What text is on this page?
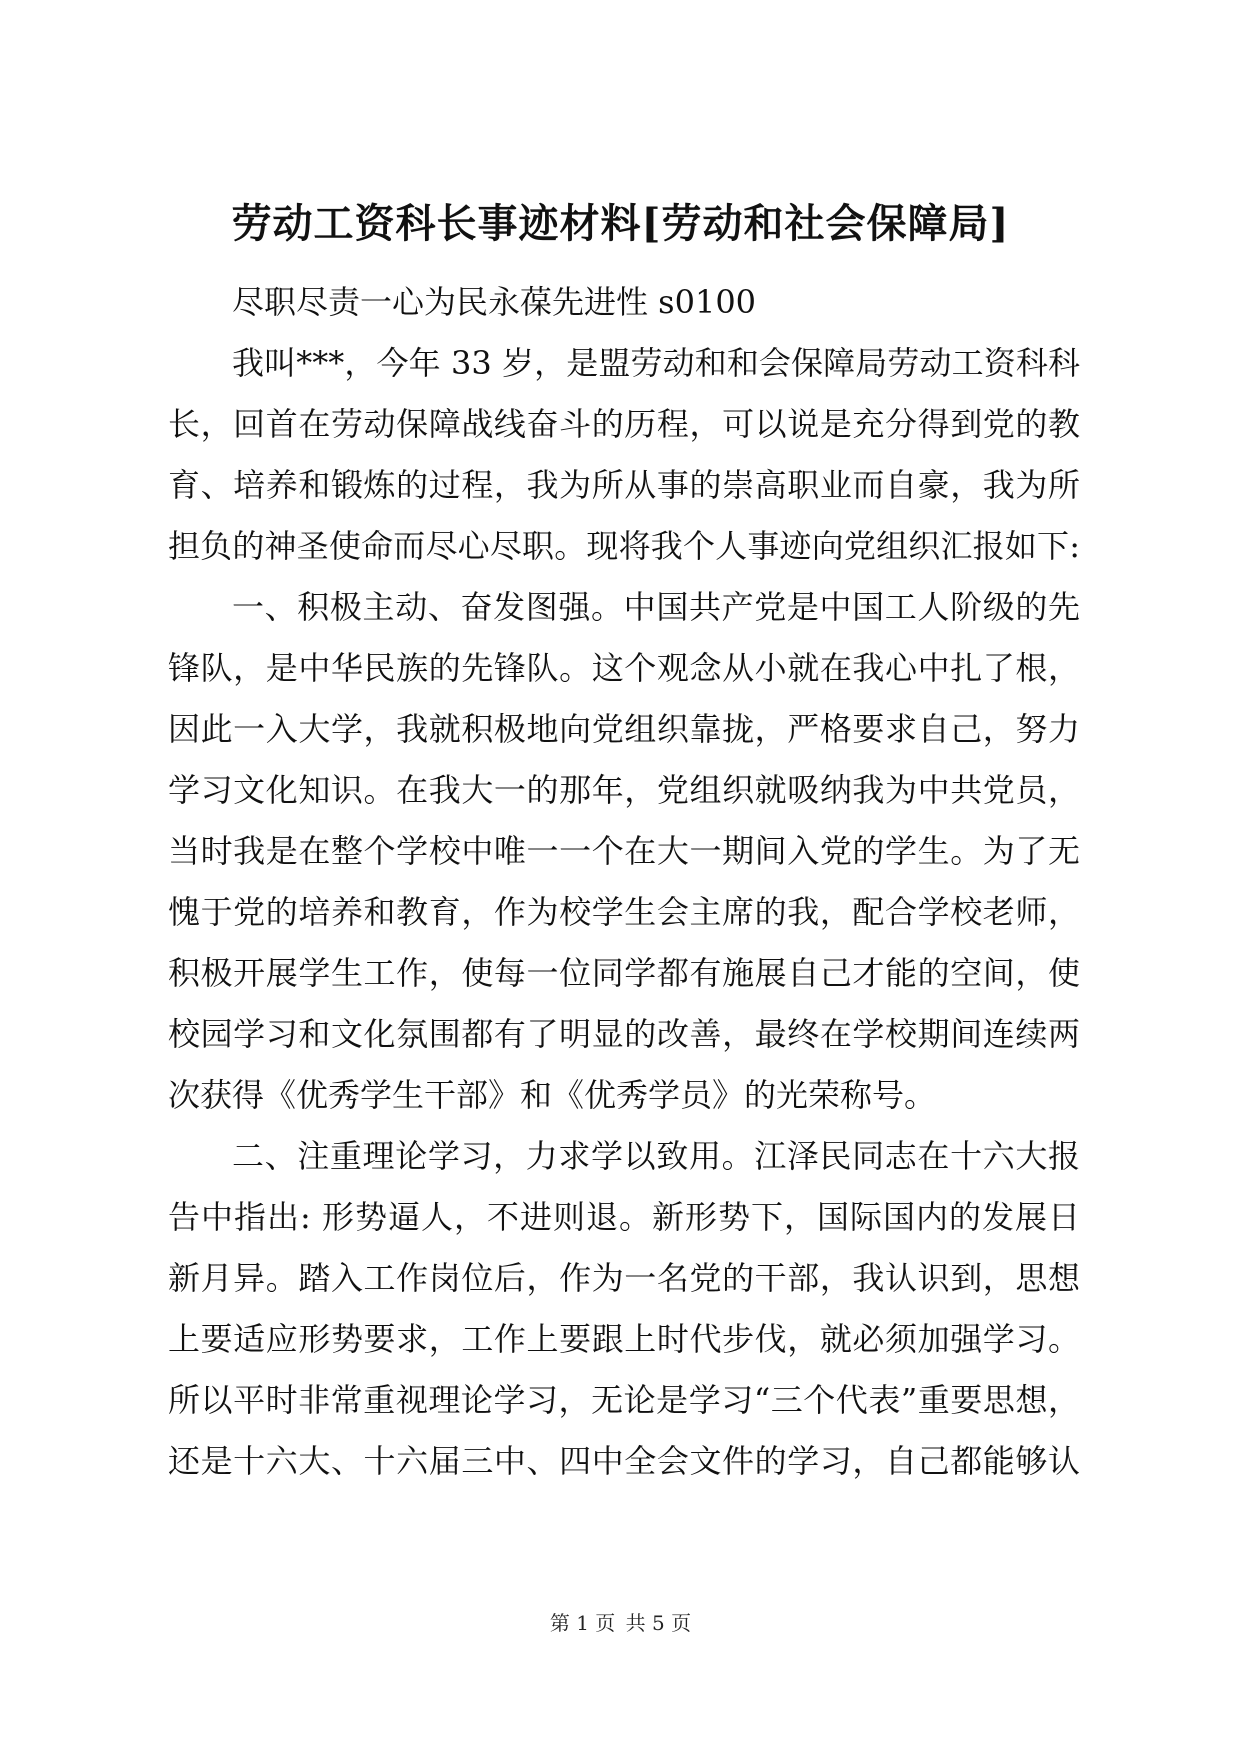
劳动工资科长事迹材料[劳动和社会保障局]
尽职尽责一心为民永葆先进性 s0100
我叫***，今年 33 岁，是盟劳动和和会保障局劳动工资科科
长，回首在劳动保障战线奋斗的历程，可以说是充分得到党的教
育、培养和锻炼的过程，我为所从事的崇高职业而自豪，我为所
担负的神圣使命而尽心尽职。现将我个人事迹向党组织汇报如下:
一、积极主动、奋发图强。中国共产党是中国工人阶级的先
锋队，是中华民族的先锋队。这个观念从小就在我心中扎了根，
因此一入大学，我就积极地向党组织靠拢，严格要求自己，努力
学习文化知识。在我大一的那年，党组织就吸纳我为中共党员，
当时我是在整个学校中唯一一个在大一期间入党的学生。为了无
愧于党的培养和教育，作为校学生会主席的我，配合学校老师，
积极开展学生工作，使每一位同学都有施展自己才能的空间，使
校园学习和文化氛围都有了明显的改善，最终在学校期间连续两
次获得《优秀学生干部》和《优秀学员》的光荣称号。
二、注重理论学习，力求学以致用。江泽民同志在十六大报
告中指出: 形势逼人，不进则退。新形势下，国际国内的发展日
新月异。踏入工作岗位后，作为一名党的干部，我认识到，思想
上要适应形势要求，工作上要跟上时代步伐，就必须加强学习。
所以平时非常重视理论学习，无论是学习“三个代表”重要思想，
还是十六大、十六届三中、四中全会文件的学习，自己都能够认
第 1 页 共 5 页
